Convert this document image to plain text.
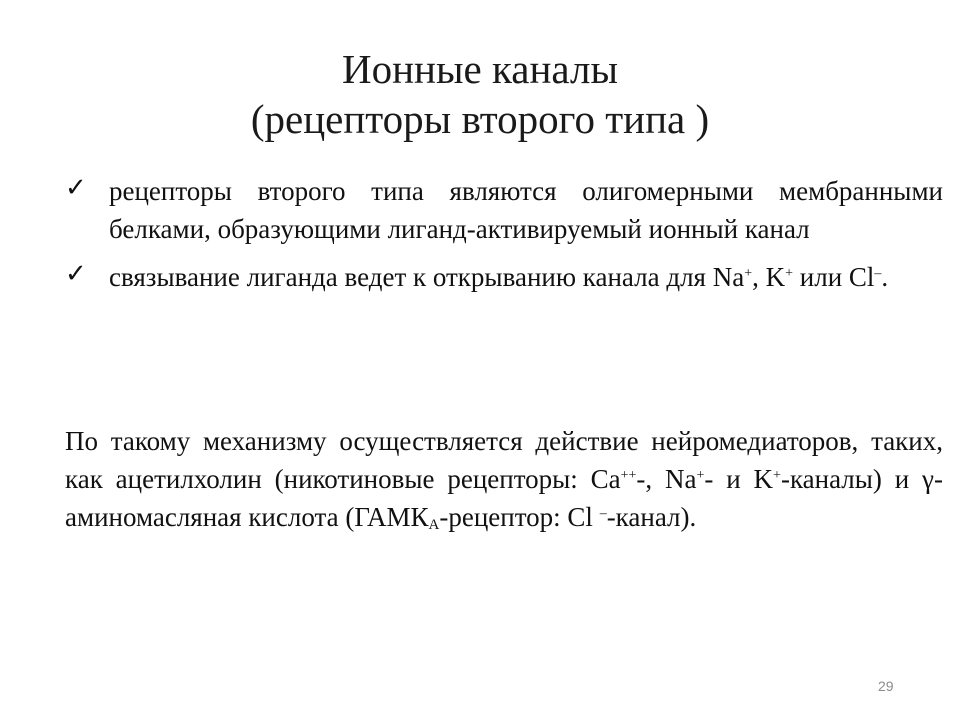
Ионные каналы
(рецепторы второго типа )
✓ рецепторы второго типа являются олигомерными мембранными белками, образующими лиганд-активируемый ионный канал
✓ связывание лиганда ведет к открыванию канала для Na+, K+ или Cl–.

По такому механизму осуществляется действие нейромедиаторов, таких, как ацетилхолин (никотиновые рецепторы: Ca++-, Na+- и K+-каналы) и γ-аминомасляная кислота ($ГАМК_А$-рецептор: Cl –-канал).

29
